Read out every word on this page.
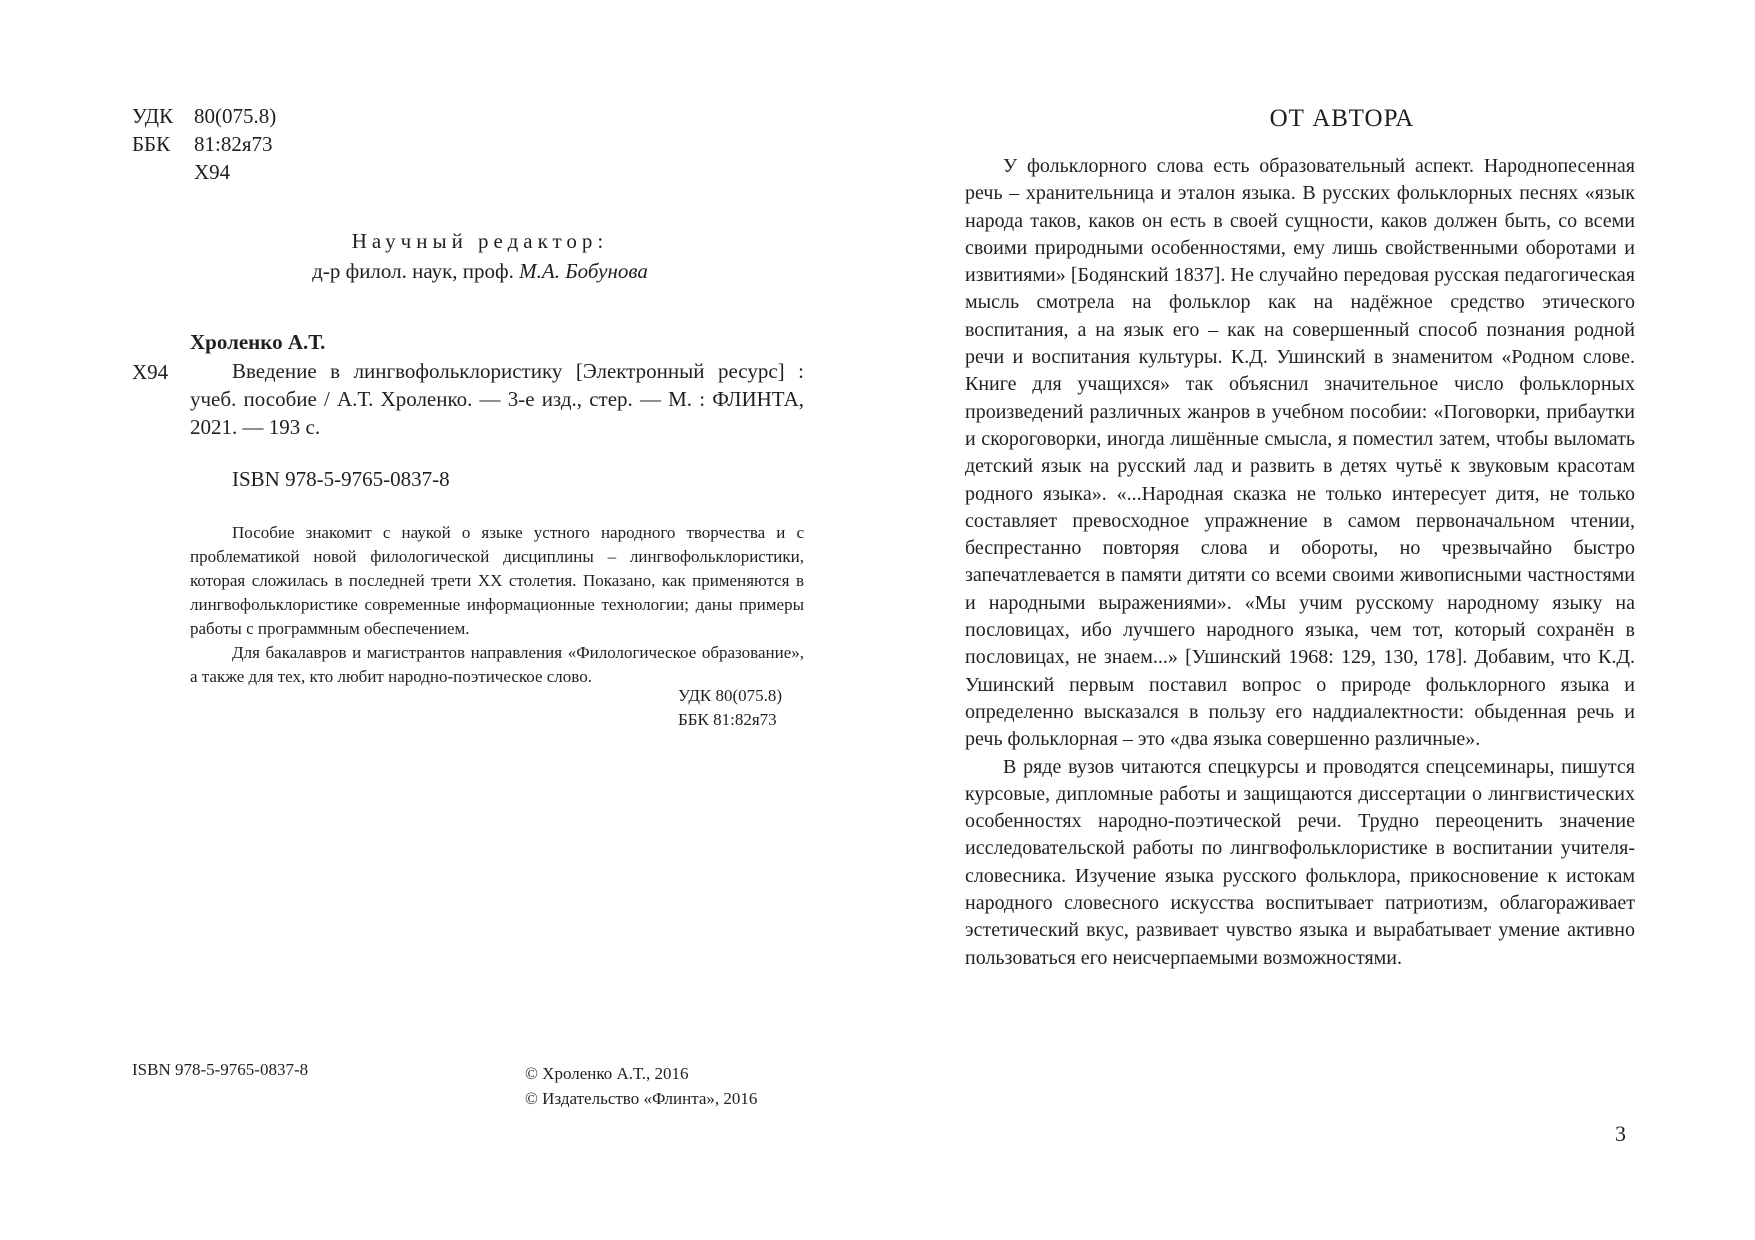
УДК 80(075.8)
ББК 81:82я73
Х94
Научный редактор:
д-р филол. наук, проф. М.А. Бобунова
Хроленко А.Т.
Х94	Введение в лингвофольклористику [Электронный ресурс] : учеб. пособие / А.Т. Хроленко. — 3-е изд., стер. — М. : ФЛИНТА, 2021. — 193 с.
ISBN 978-5-9765-0837-8

Пособие знакомит с наукой о языке устного народного творчества и с проблематикой новой филологической дисциплины – лингвофольклористики, которая сложилась в последней трети XX столетия. Показано, как применяются в лингвофольклористике современные информационные технологии; даны примеры работы с программным обеспечением.

Для бакалавров и магистрантов направления «Филологическое образование», а также для тех, кто любит народно-поэтическое слово.

УДК 80(075.8)
ББК 81:82я73
ISBN 978-5-9765-0837-8	© Хроленко А.Т., 2016
© Издательство «Флинта», 2016
ОТ АВТОРА

У фольклорного слова есть образовательный аспект. Народнопесенная речь – хранительница и эталон языка. В русских фольклорных песнях «язык народа таков, каков он есть в своей сущности, каков должен быть, со всеми своими природными особенностями, ему лишь свойственными оборотами и извитиями» [Бодянский 1837]. Не случайно передовая русская педагогическая мысль смотрела на фольклор как на надёжное средство этического воспитания, а на язык его – как на совершенный способ познания родной речи и воспитания культуры. К.Д. Ушинский в знаменитом «Родном слове. Книге для учащихся» так объяснил значительное число фольклорных произведений различных жанров в учебном пособии: «Поговорки, прибаутки и скороговорки, иногда лишённые смысла, я поместил затем, чтобы выломать детский язык на русский лад и развить в детях чутьё к звуковым красотам родного языка». «...Народная сказка не только интересует дитя, не только составляет превосходное упражнение в самом первоначальном чтении, беспрестанно повторяя слова и обороты, но чрезвычайно быстро запечатлевается в памяти дитяти со всеми своими живописными частностями и народными выражениями». «Мы учим русскому народному языку на пословицах, ибо лучшего народного языка, чем тот, который сохранён в пословицах, не знаем...» [Ушинский 1968: 129, 130, 178]. Добавим, что К.Д. Ушинский первым поставил вопрос о природе фольклорного языка и определенно высказался в пользу его наддиалектности: обыденная речь и речь фольклорная – это «два языка совершенно различные».

В ряде вузов читаются спецкурсы и проводятся спецсеминары, пишутся курсовые, дипломные работы и защищаются диссертации о лингвистических особенностях народно-поэтической речи. Трудно переоценить значение исследовательской работы по лингвофольклористике в воспитании учителя-словесника. Изучение языка русского фольклора, прикосновение к истокам народного словесного искусства воспитывает патриотизм, облагораживает эстетический вкус, развивает чувство языка и вырабатывает умение активно пользоваться его неисчерпаемыми возможностями.

3
